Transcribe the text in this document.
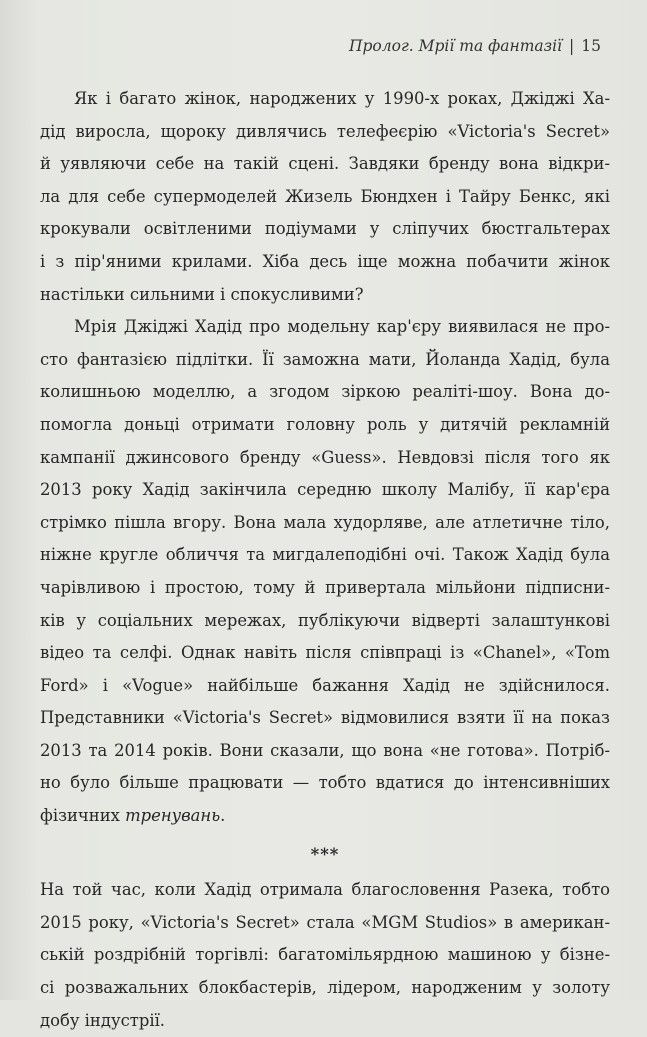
Пролог. Мрії та фантазії | 15
Як і багато жінок, народжених у 1990-х роках, Джіджі Ха-
дід виросла, щороку дивлячись телефеєрію «Victoria's Secret»
й уявляючи себе на такій сцені. Завдяки бренду вона відкри-
ла для себе супермоделей Жизель Бюндхен і Тайру Бенкс, які
крокували освітленими подіумами у сліпучих бюстгальтерах
і з пір'яними крилами. Хіба десь іще можна побачити жінок
настільки сильними і спокусливими?
Мрія Джіджі Хадід про модельну кар'єру виявилася не про-
сто фантазією підлітки. Її заможна мати, Йоланда Хадід, була
колишньою моделлю, а згодом зіркою реаліті-шоу. Вона до-
помогла доньці отримати головну роль у дитячій рекламній
кампанії джинсового бренду «Guess». Невдовзі після того як
2013 року Хадід закінчила середню школу Малібу, її кар'єра
стрімко пішла вгору. Вона мала худорляве, але атлетичне тіло,
ніжне кругле обличчя та мигдалеподібні очі. Також Хадід була
чарівливою і простою, тому й привертала мільйони підписни-
ків у соціальних мережах, публікуючи відверті залаштункові
відео та селфі. Однак навіть після співпраці із «Chanel», «Tom
Ford» і «Vogue» найбільше бажання Хадід не здійснилося.
Представники «Victoria's Secret» відмовилися взяти її на показ
2013 та 2014 років. Вони сказали, що вона «не готова». Потріб-
но було більше працювати — тобто вдатися до інтенсивніших
фізичних тренувань.
***
На той час, коли Хадід отримала благословення Разека, тобто
2015 року, «Victoria's Secret» стала «MGM Studios» в американ-
ській роздрібній торгівлі: багатомільярдною машиною у бізне-
сі розважальних блокбастерів, лідером, народженим у золоту
добу індустрії.
